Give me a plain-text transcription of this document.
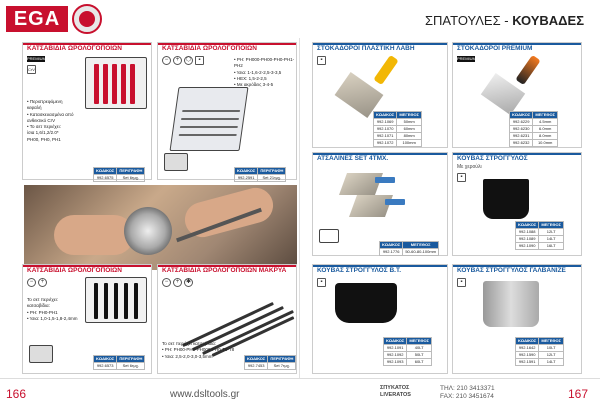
EGA	ΣΠΑΤΟΥΛΕΣ - ΚΟΥΒΑΔΕΣ
ΚΑΤΣΑΒΙΔΙΑ ΩΡΟΛΟΓΟΠΟΙΩΝ
PREMIUM
CrV
• Περιστρεφόμενη
κεφαλή
• Κατασκευασμένα από
ανθεκτικό CrV
• Το σετ περιέχει:
ίσια 1,6/1,2/2.0*
PH00, PH0, PH1
ΚΩΔΙΚΟΣ	ΠΕΡΙΓΡΑΦΗ
992.6575	Set 6τμχ.
ΚΑΤΣΑΒΙΔΙΑ ΩΡΟΛΟΓΟΠΟΙΩΝ
−	+	⬡	▪	• PH: PH000-PH00-PH0-PH1-PH2
• Ίσια: 1-1,6-2-2,5-3-3,5
• HEX: 1,5-2-2,5
• Με ακρόδεις 3-4-5
ΚΩΔΙΚΟΣ	ΠΕΡΙΓΡΑΦΗ
992.2591	Set 21τμχ.
ΚΑΤΣΑΒΙΔΙΑ ΩΡΟΛΟΓΟΠΟΙΩΝ
−	+
Το σετ περιέχει:
κατσαβίδια:
• PH: PH0-PH1
• Ίσια: 1,0-1,5-1,8-2,4mm
ΚΩΔΙΚΟΣ	ΠΕΡΙΓΡΑΦΗ
992.6573	Set 6τμχ.
ΚΑΤΣΑΒΙΔΙΑ ΩΡΟΛΟΓΟΠΟΙΩΝ ΜΑΚΡΥΑ
−	+	✱
Το σετ περιέχει κατσαβίδια:
• PH: PH00-PH0-PH000-PH0-T6-T8
• Ίσια: 2,5-2,0-3,0-3,5mm	ΚΩΔΙΚΟΣ	ΠΕΡΙΓΡΑΦΗ
992.7453	Set 7τμχ.
ΣΤΟΚΑΔΟΡΟΙ ΠΛΑΣΤΙΚΗ ΛΑΒΗ
▪
ΚΩΔΙΚΟΣ	ΜΕΓΕΘΟΣ
992.1069	50mm
992.1070	60mm
992.1071	80mm
992.1072	100mm
ΣΤΟΚΑΔΟΡΟΙ PREMIUM
PREMIUM
ΚΩΔΙΚΟΣ	ΜΕΓΕΘΟΣ
992.6229	4.5mm
992.6230	6.0mm
992.6231	8.0mm
992.6232	10.0mm
ΑΤΣΑΛΙΝΕΣ SET 4ΤΜΧ.
ΚΩΔΙΚΟΣ	ΜΕΓΕΘΟΣ
992.1776	50-60-80-100mm
ΚΟΥΒΑΣ ΣΤΡΟΓΓΥΛΟΣ
Με χερούλι
▪
ΚΩΔΙΚΟΣ	ΜΕΓΕΘΟΣ
992.1088	12LT
992.1089	14LT
992.1090	16LT
ΚΟΥΒΑΣ ΣΤΡΟΓΓΥΛΟΣ Β.Τ.
▪
ΚΩΔΙΚΟΣ	ΜΕΓΕΘΟΣ
992.1091	40LT
992.1092	50LT
992.1093	60LT
ΚΟΥΒΑΣ ΣΤΡΟΓΓΥΛΟΣ ΓΑΛΒΑΝΙΖΕ
▪
ΚΩΔΙΚΟΣ	ΜΕΓΕΘΟΣ
992.1642	10LT
992.1590	12LT
992.1591	14LT
166	www.dsltools.gr
ΣΠΥΚΑΤΟΣ
LIVERATOS
ΤΗΛ: 210 3413371
FAX: 210 3451674	167
